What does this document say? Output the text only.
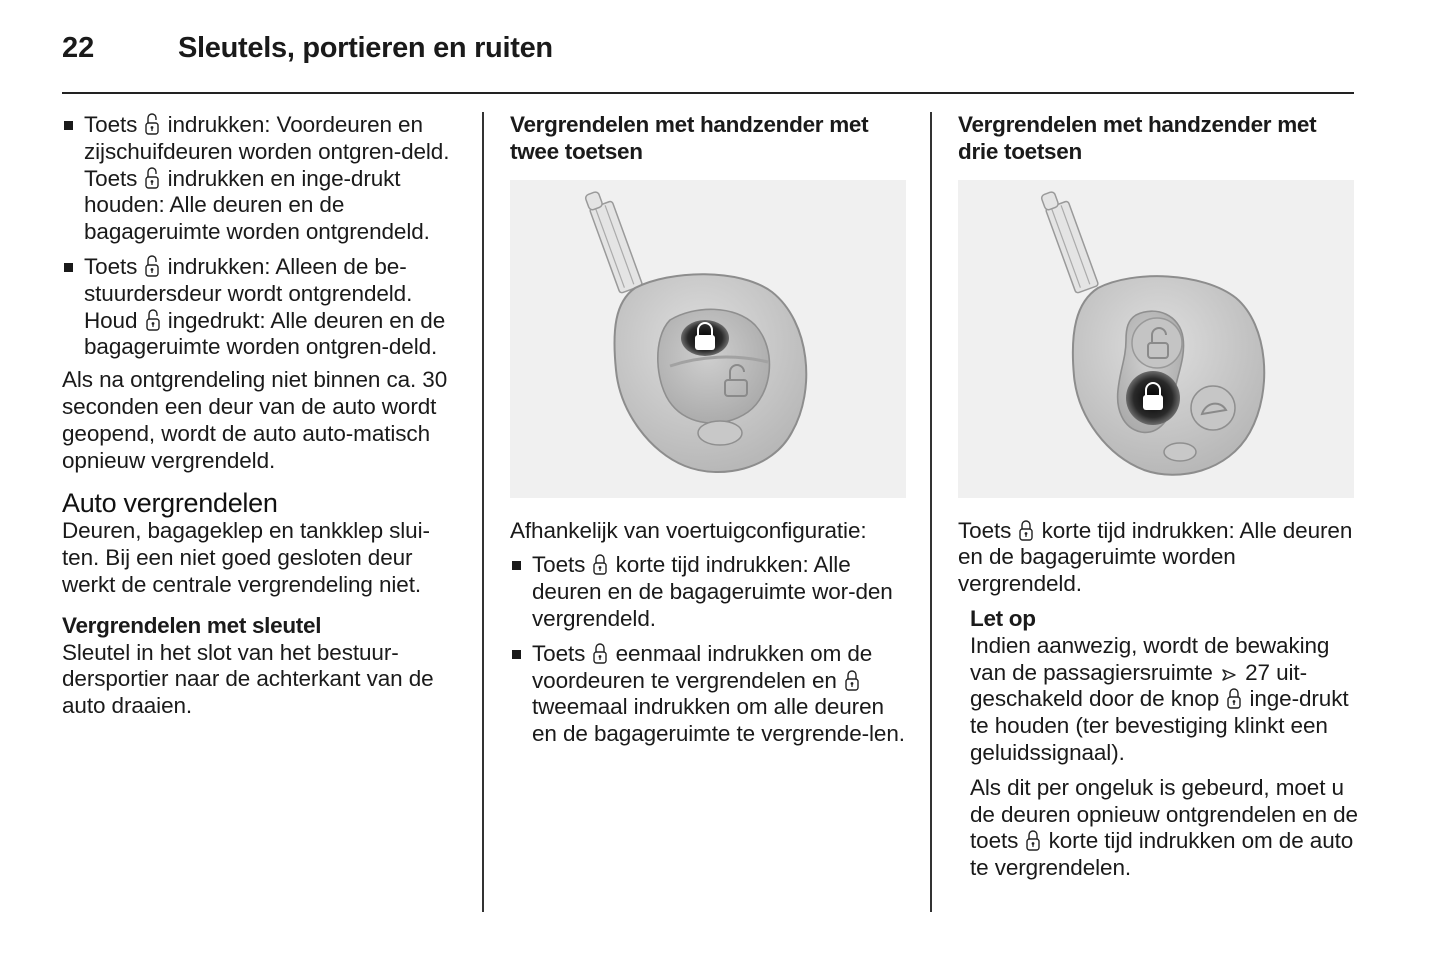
22	Sleutels, portieren en ruiten
Toets indrukken: Voordeuren en zijschuifdeuren worden ontgren-deld. Toets indrukken en inge-drukt houden: Alle deuren en de bagageruimte worden ontgrendeld.
Toets indrukken: Alleen de be-stuurdersdeur wordt ontgrendeld. Houd ingedrukt: Alle deuren en de bagageruimte worden ontgren-deld.

Als na ontgrendeling niet binnen ca. 30 seconden een deur van de auto wordt geopend, wordt de auto auto-matisch opnieuw vergrendeld.

Auto vergrendelen

Deuren, bagageklep en tankklep slui-ten. Bij een niet goed gesloten deur werkt de centrale vergrendeling niet.

Vergrendelen met sleutel

Sleutel in het slot van het bestuur-dersportier naar de achterkant van de auto draaien.

Vergrendelen met handzender met twee toetsen

Afhankelijk van voertuigconfiguratie:

Toets korte tijd indrukken: Alle deuren en de bagageruimte wor-den vergrendeld.
Toets eenmaal indrukken om de voordeuren te vergrendelen en  tweemaal indrukken om alle deuren en de bagageruimte te vergrende-len.
Vergrendelen met handzender met drie toetsen

Toets korte tijd indrukken: Alle deuren en de bagageruimte worden vergrendeld.

Let op

Indien aanwezig, wordt de bewaking van de passagiersruimte 27 uit-geschakeld door de knop inge-drukt te houden (ter bevestiging klinkt een geluidssignaal).

Als dit per ongeluk is gebeurd, moet u de deuren opnieuw ontgrendelen en de toets korte tijd indrukken om de auto te vergrendelen.
